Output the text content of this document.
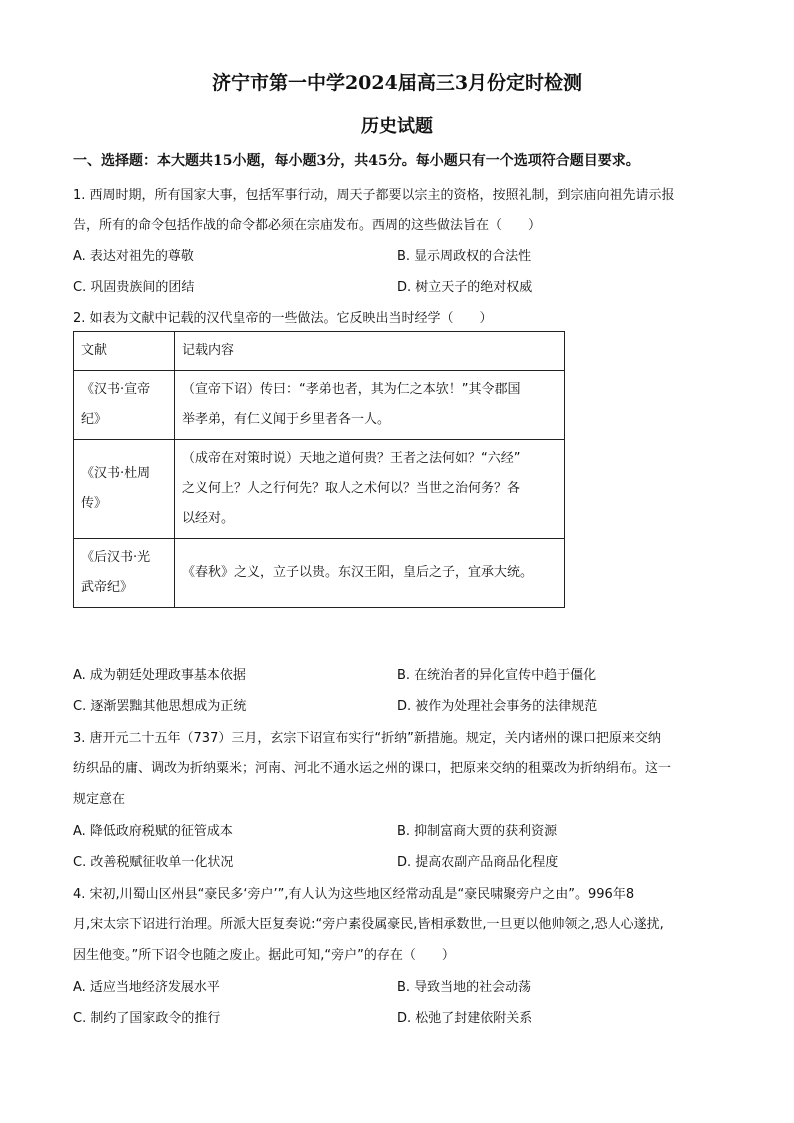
济宁市第一中学2024届高三3月份定时检测
历史试题
一、选择题：本大题共15小题，每小题3分，共45分。每小题只有一个选项符合题目要求。
1. 西周时期，所有国家大事，包括军事行动，周天子都要以宗主的资格，按照礼制，到宗庙向祖先请示报
告，所有的命令包括作战的命令都必须在宗庙发布。西周的这些做法旨在（　　）
A. 表达对祖先的尊敬	B. 显示周政权的合法性
C. 巩固贵族间的团结	D. 树立天子的绝对权威
2. 如表为文献中记载的汉代皇帝的一些做法。它反映出当时经学（　　）
文献	记载内容
《汉书·宣帝
纪》	（宣帝下诏）传曰：“孝弟也者，其为仁之本欤！”其令郡国
举孝弟，有仁义闻于乡里者各一人。
《汉书·杜周
传》	（成帝在对策时说）天地之道何贵？王者之法何如？“六经”
之义何上？人之行何先？取人之术何以？当世之治何务？各
以经对。
《后汉书·光
武帝纪》	《春秋》之义，立子以贵。东汉王阳，皇后之子，宜承大统。
A. 成为朝廷处理政事基本依据	B. 在统治者的异化宣传中趋于僵化
C. 逐渐罢黜其他思想成为正统	D. 被作为处理社会事务的法律规范
3. 唐开元二十五年（737）三月，玄宗下诏宣布实行“折纳”新措施。规定，关内诸州的课口把原来交纳
纺织品的庸、调改为折纳粟米；河南、河北不通水运之州的课口，把原来交纳的租粟改为折纳绢布。这一
规定意在
A. 降低政府税赋的征管成本	B. 抑制富商大贾的获利资源
C. 改善税赋征收单一化状况	D. 提高农副产品商品化程度
4. 宋初,川蜀山区州县“豪民多‘旁户’”,有人认为这些地区经常动乱是“豪民啸聚旁户之由”。996年8
月,宋太宗下诏进行治理。所派大臣复奏说:“旁户素役属豪民,皆相承数世,一旦更以他帅领之,恐人心遂扰,
因生他变。”所下诏令也随之废止。据此可知,“旁户”的存在（　　）
A. 适应当地经济发展水平	B. 导致当地的社会动荡
C. 制约了国家政令的推行	D. 松弛了封建依附关系
